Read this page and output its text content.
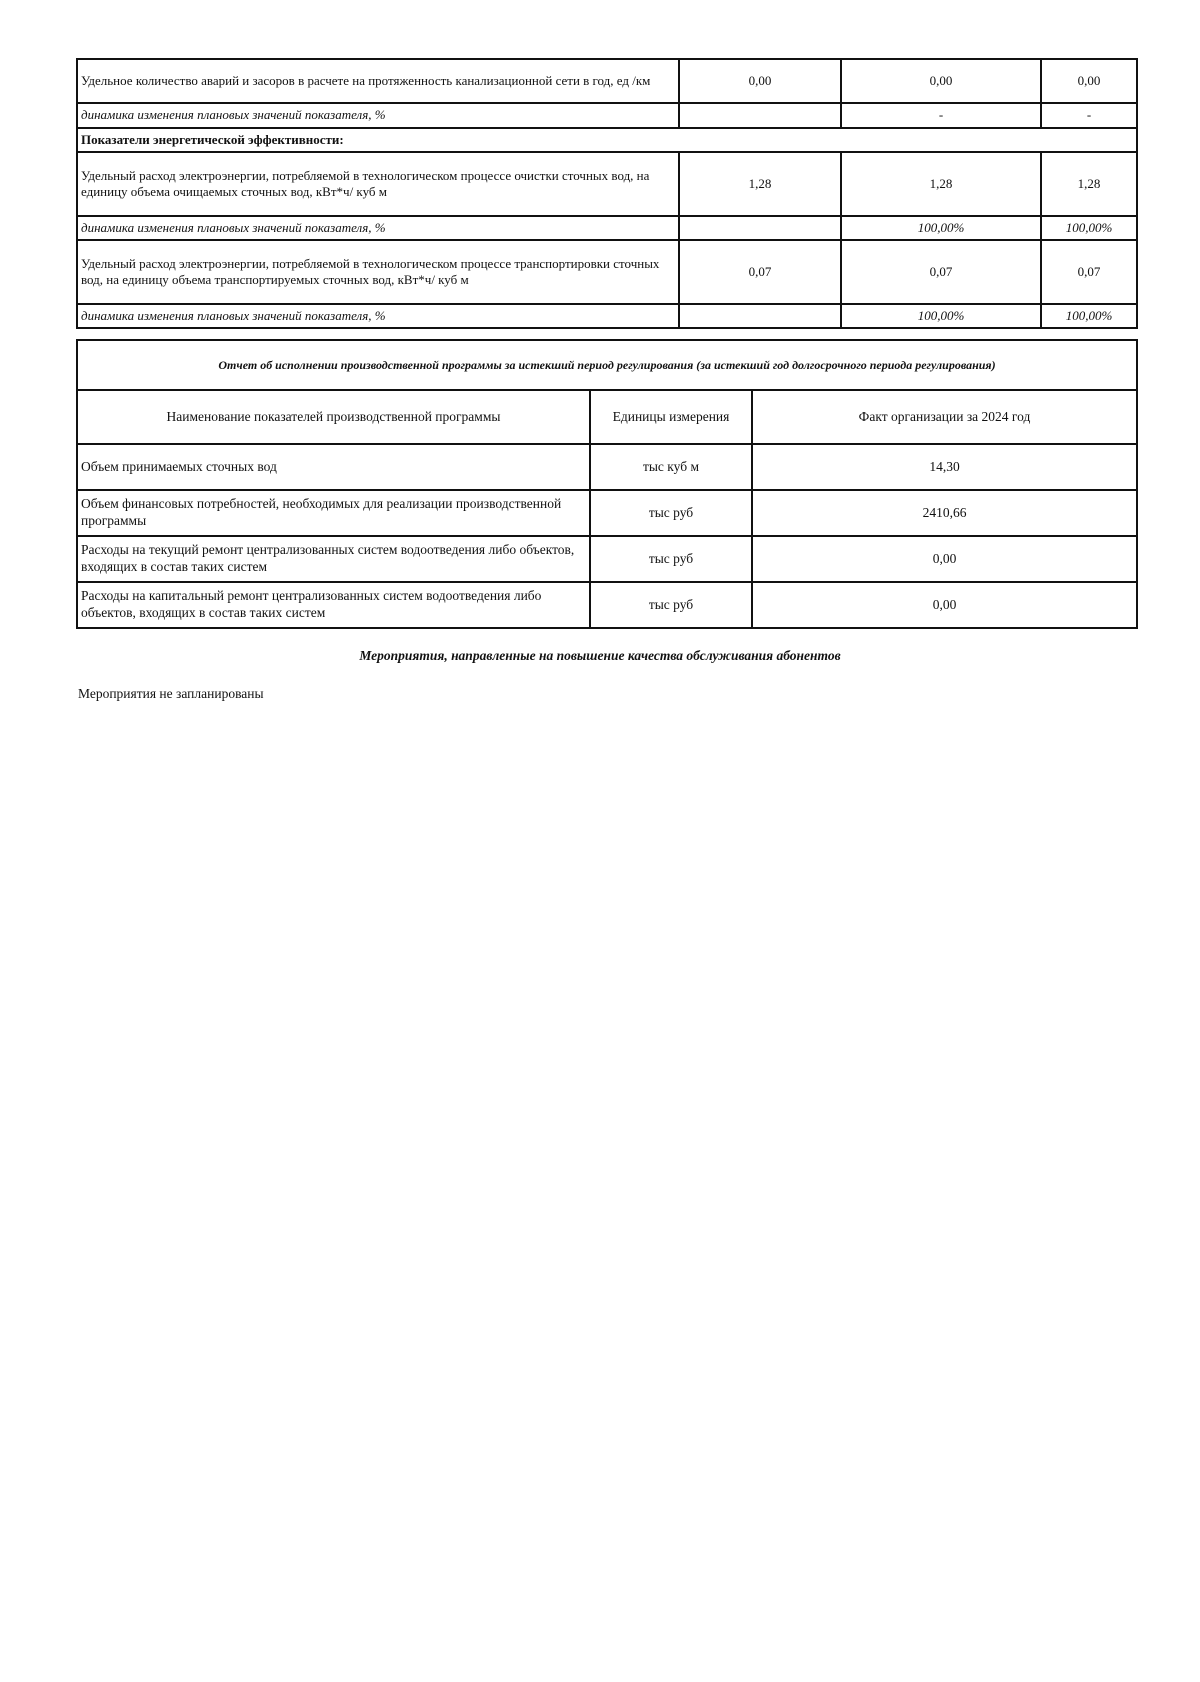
Удельное количество аварий и засоров в расчете на протяженность канализационной сети в год, ед /км	0,00	0,00	0,00
динамика изменения плановых значений показателя, %		-	-
Показатели энергетической эффективности:			
Удельный расход электроэнергии, потребляемой в технологическом процессе очистки сточных вод, на единицу объема очищаемых сточных вод, кВт*ч/ куб м	1,28	1,28	1,28
динамика изменения плановых значений показателя, %		100,00%	100,00%
Удельный расход электроэнергии, потребляемой в технологическом процессе транспортировки сточных вод, на единицу объема транспортируемых сточных вод, кВт*ч/ куб м	0,07	0,07	0,07
динамика изменения плановых значений показателя, %		100,00%	100,00%
Отчет об исполнении производственной программы за истекший период регулирования (за истекший год долгосрочного периода регулирования)		
Наименование показателей производственной программы	Единицы измерения	Факт организации за 2024 год
Объем принимаемых сточных вод	тыс куб м	14,30
Объем финансовых потребностей, необходимых для реализации производственной программы	тыс руб	2410,66
Расходы на текущий ремонт централизованных систем водоотведения либо объектов, входящих в состав таких систем	тыс руб	0,00
Расходы на капитальный ремонт централизованных систем водоотведения либо объектов, входящих в состав таких систем	тыс руб	0,00
Мероприятия, направленные на повышение качества обслуживания абонентов
Мероприятия не запланированы
